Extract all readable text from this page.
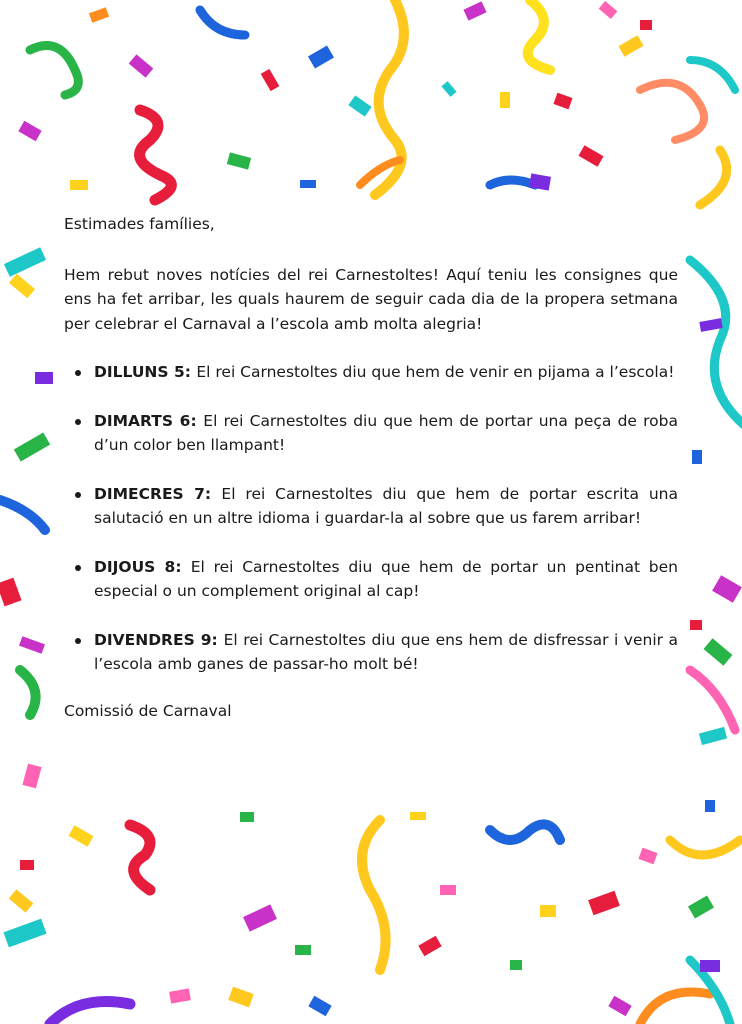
Estimades famílies,

Hem rebut noves notícies del rei Carnestoltes! Aquí teniu les consignes que ens ha fet arribar, les quals haurem de seguir cada dia de la propera setmana per celebrar el Carnaval a l’escola amb molta alegria!

DILLUNS 5: El rei Carnestoltes diu que hem de venir en pijama a l’escola!
DIMARTS 6: El rei Carnestoltes diu que hem de portar una peça de roba d’un color ben llampant!
DIMECRES 7: El rei Carnestoltes diu que hem de portar escrita una salutació en un altre idioma i guardar-la al sobre que us farem arribar!
DIJOUS 8: El rei Carnestoltes diu que hem de portar un pentinat ben especial o un complement original al cap!
DIVENDRES 9: El rei Carnestoltes diu que ens hem de disfressar i venir a l’escola amb ganes de passar-ho molt bé!

Comissió de Carnaval
